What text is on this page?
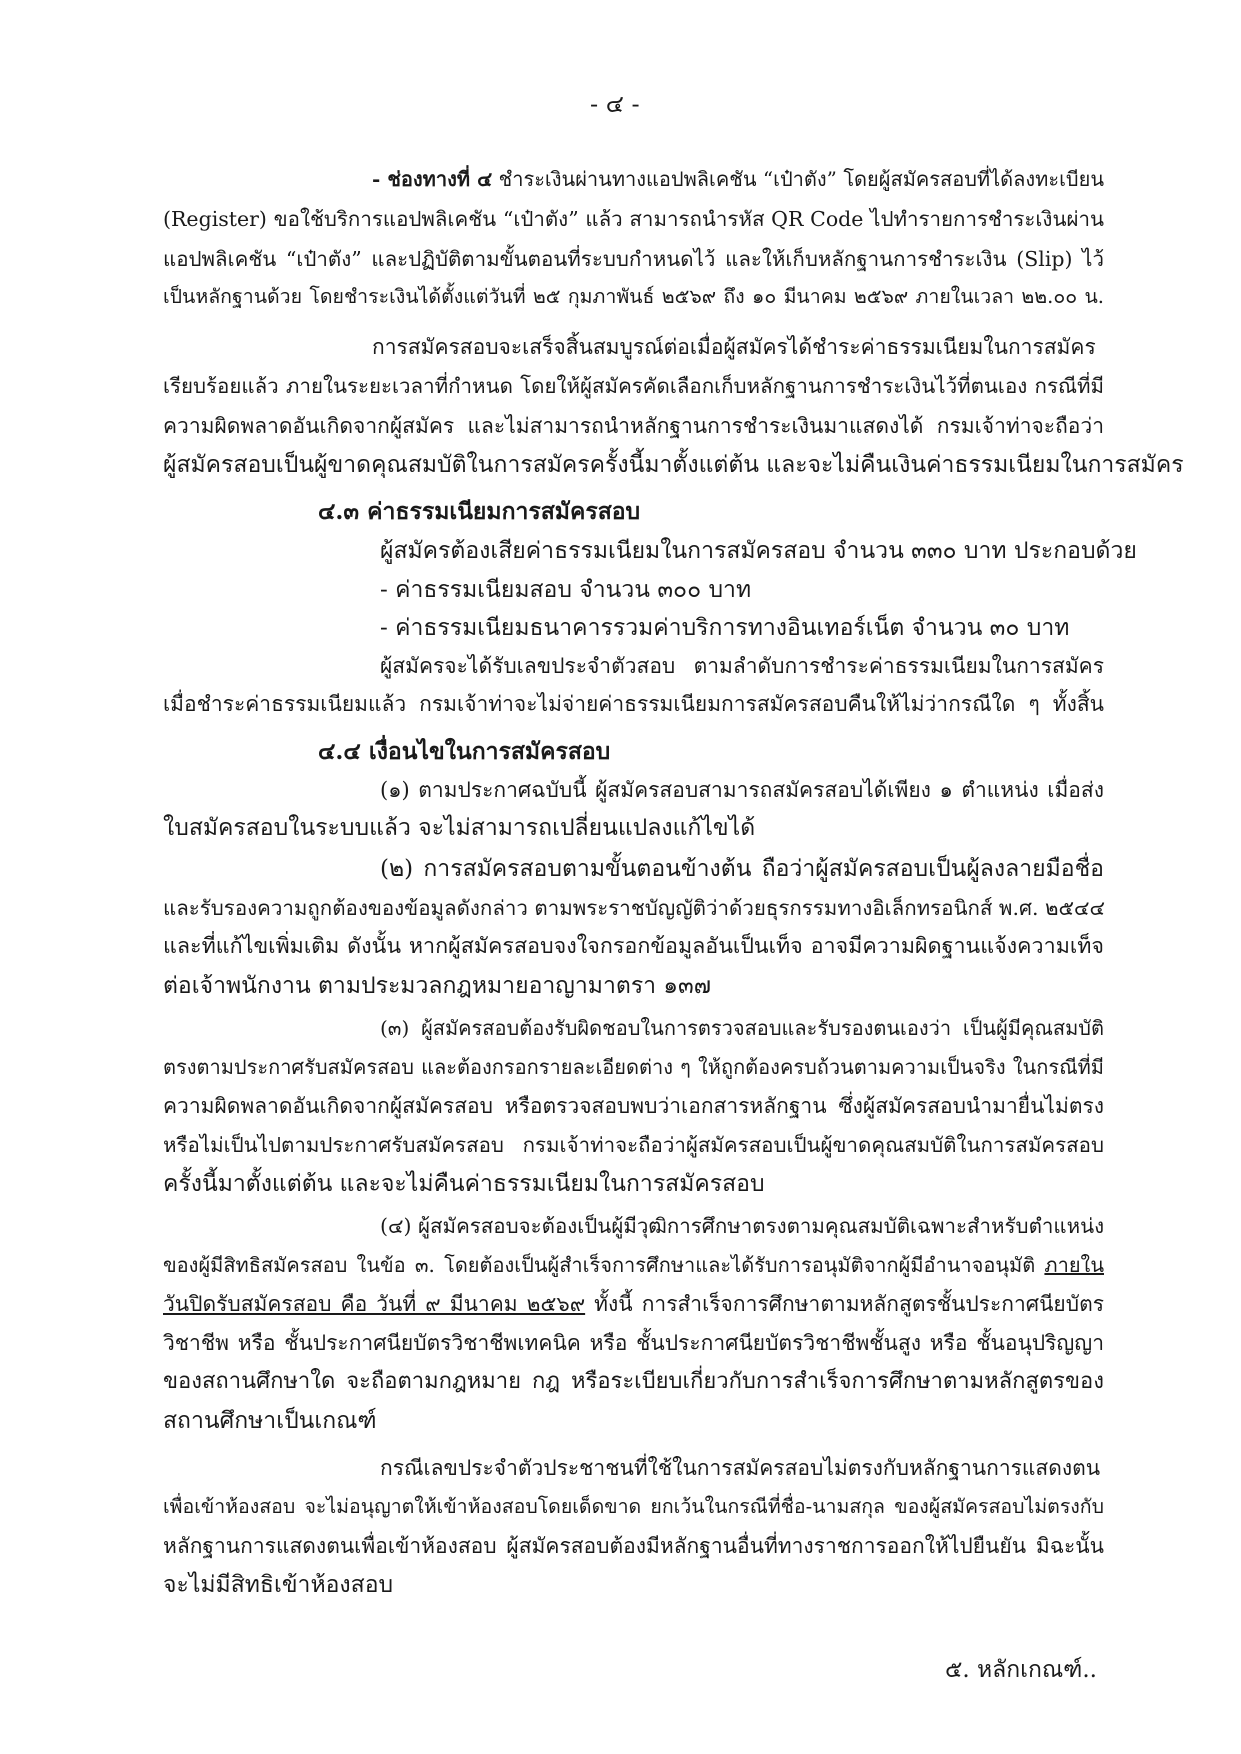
- ๔ -
- ช่องทางที่ ๔ ชำระเงินผ่านทางแอปพลิเคชัน “เป๋าตัง” โดยผู้สมัครสอบที่ได้ลงทะเบียน
(Register) ขอใช้บริการแอปพลิเคชัน “เป๋าตัง” แล้ว สามารถนำรหัส QR Code ไปทำรายการชำระเงินผ่าน
แอปพลิเคชัน “เป๋าตัง” และปฏิบัติตามขั้นตอนที่ระบบกำหนดไว้ และให้เก็บหลักฐานการชำระเงิน (Slip) ไว้
เป็นหลักฐานด้วย โดยชำระเงินได้ตั้งแต่วันที่ ๒๕ กุมภาพันธ์ ๒๕๖๙ ถึง ๑๐ มีนาคม ๒๕๖๙ ภายในเวลา ๒๒.๐๐ น.
การสมัครสอบจะเสร็จสิ้นสมบูรณ์ต่อเมื่อผู้สมัครได้ชำระค่าธรรมเนียมในการสมัคร
เรียบร้อยแล้ว ภายในระยะเวลาที่กำหนด โดยให้ผู้สมัครคัดเลือกเก็บหลักฐานการชำระเงินไว้ที่ตนเอง กรณีที่มี
ความผิดพลาดอันเกิดจากผู้สมัคร และไม่สามารถนำหลักฐานการชำระเงินมาแสดงได้ กรมเจ้าท่าจะถือว่า
ผู้สมัครสอบเป็นผู้ขาดคุณสมบัติในการสมัครครั้งนี้มาตั้งแต่ต้น และจะไม่คืนเงินค่าธรรมเนียมในการสมัคร
๔.๓ ค่าธรรมเนียมการสมัครสอบ
ผู้สมัครต้องเสียค่าธรรมเนียมในการสมัครสอบ จำนวน ๓๓๐ บาท ประกอบด้วย
- ค่าธรรมเนียมสอบ จำนวน ๓๐๐ บาท
- ค่าธรรมเนียมธนาคารรวมค่าบริการทางอินเทอร์เน็ต จำนวน ๓๐ บาท
ผู้สมัครจะได้รับเลขประจำตัวสอบ ตามลำดับการชำระค่าธรรมเนียมในการสมัคร
เมื่อชำระค่าธรรมเนียมแล้ว กรมเจ้าท่าจะไม่จ่ายค่าธรรมเนียมการสมัครสอบคืนให้ไม่ว่ากรณีใด ๆ ทั้งสิ้น
๔.๔ เงื่อนไขในการสมัครสอบ
(๑) ตามประกาศฉบับนี้ ผู้สมัครสอบสามารถสมัครสอบได้เพียง ๑ ตำแหน่ง เมื่อส่ง
ใบสมัครสอบในระบบแล้ว จะไม่สามารถเปลี่ยนแปลงแก้ไขได้
(๒) การสมัครสอบตามขั้นตอนข้างต้น ถือว่าผู้สมัครสอบเป็นผู้ลงลายมือชื่อ
และรับรองความถูกต้องของข้อมูลดังกล่าว ตามพระราชบัญญัติว่าด้วยธุรกรรมทางอิเล็กทรอนิกส์ พ.ศ. ๒๕๔๔
และที่แก้ไขเพิ่มเติม ดังนั้น หากผู้สมัครสอบจงใจกรอกข้อมูลอันเป็นเท็จ อาจมีความผิดฐานแจ้งความเท็จ
ต่อเจ้าพนักงาน ตามประมวลกฎหมายอาญามาตรา ๑๓๗
(๓) ผู้สมัครสอบต้องรับผิดชอบในการตรวจสอบและรับรองตนเองว่า เป็นผู้มีคุณสมบัติ
ตรงตามประกาศรับสมัครสอบ และต้องกรอกรายละเอียดต่าง ๆ ให้ถูกต้องครบถ้วนตามความเป็นจริง ในกรณีที่มี
ความผิดพลาดอันเกิดจากผู้สมัครสอบ หรือตรวจสอบพบว่าเอกสารหลักฐาน ซึ่งผู้สมัครสอบนำมายื่นไม่ตรง
หรือไม่เป็นไปตามประกาศรับสมัครสอบ กรมเจ้าท่าจะถือว่าผู้สมัครสอบเป็นผู้ขาดคุณสมบัติในการสมัครสอบ
ครั้งนี้มาตั้งแต่ต้น และจะไม่คืนค่าธรรมเนียมในการสมัครสอบ
(๔) ผู้สมัครสอบจะต้องเป็นผู้มีวุฒิการศึกษาตรงตามคุณสมบัติเฉพาะสำหรับตำแหน่ง
ของผู้มีสิทธิสมัครสอบ ในข้อ ๓. โดยต้องเป็นผู้สำเร็จการศึกษาและได้รับการอนุมัติจากผู้มีอำนาจอนุมัติ ภายใน
วันปิดรับสมัครสอบ คือ วันที่ ๙ มีนาคม ๒๕๖๙ ทั้งนี้ การสำเร็จการศึกษาตามหลักสูตรชั้นประกาศนียบัตร
วิชาชีพ หรือ ชั้นประกาศนียบัตรวิชาชีพเทคนิค หรือ ชั้นประกาศนียบัตรวิชาชีพชั้นสูง หรือ ชั้นอนุปริญญา
ของสถานศึกษาใด จะถือตามกฎหมาย กฎ หรือระเบียบเกี่ยวกับการสำเร็จการศึกษาตามหลักสูตรของ
สถานศึกษาเป็นเกณฑ์
กรณีเลขประจำตัวประชาชนที่ใช้ในการสมัครสอบไม่ตรงกับหลักฐานการแสดงตน
เพื่อเข้าห้องสอบ จะไม่อนุญาตให้เข้าห้องสอบโดยเด็ดขาด ยกเว้นในกรณีที่ชื่อ-นามสกุล ของผู้สมัครสอบไม่ตรงกับ
หลักฐานการแสดงตนเพื่อเข้าห้องสอบ ผู้สมัครสอบต้องมีหลักฐานอื่นที่ทางราชการออกให้ไปยืนยัน มิฉะนั้น
จะไม่มีสิทธิเข้าห้องสอบ
๕. หลักเกณฑ์..
